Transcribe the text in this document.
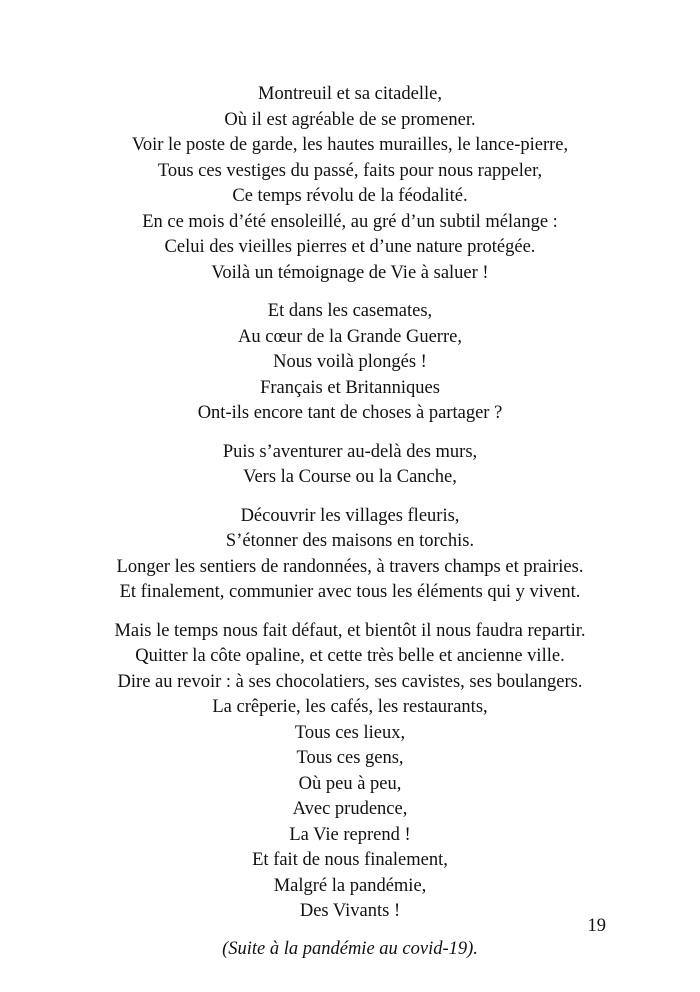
Montreuil et sa citadelle,
Où il est agréable de se promener.
Voir le poste de garde, les hautes murailles, le lance-pierre,
Tous ces vestiges du passé, faits pour nous rappeler,
Ce temps révolu de la féodalité.
En ce mois d’été ensoleillé, au gré d’un subtil mélange :
Celui des vieilles pierres et d’une nature protégée.
Voilà un témoignage de Vie à saluer !

Et dans les casemates,
Au cœur de la Grande Guerre,
Nous voilà plongés !
Français et Britanniques
Ont-ils encore tant de choses à partager ?

Puis s’aventurer au-delà des murs,
Vers la Course ou la Canche,

Découvrir les villages fleuris,
S’étonner des maisons en torchis.
Longer les sentiers de randonnées, à travers champs et prairies.
Et finalement, communier avec tous les éléments qui y vivent.

Mais le temps nous fait défaut, et bientôt il nous faudra repartir.
Quitter la côte opaline, et cette très belle et ancienne ville.
Dire au revoir : à ses chocolatiers, ses cavistes, ses boulangers.
La crêperie, les cafés, les restaurants,
Tous ces lieux,
Tous ces gens,
Où peu à peu,
Avec prudence,
La Vie reprend !
Et fait de nous finalement,
Malgré la pandémie,
Des Vivants !

(Suite à la pandémie au covid-19).
19
